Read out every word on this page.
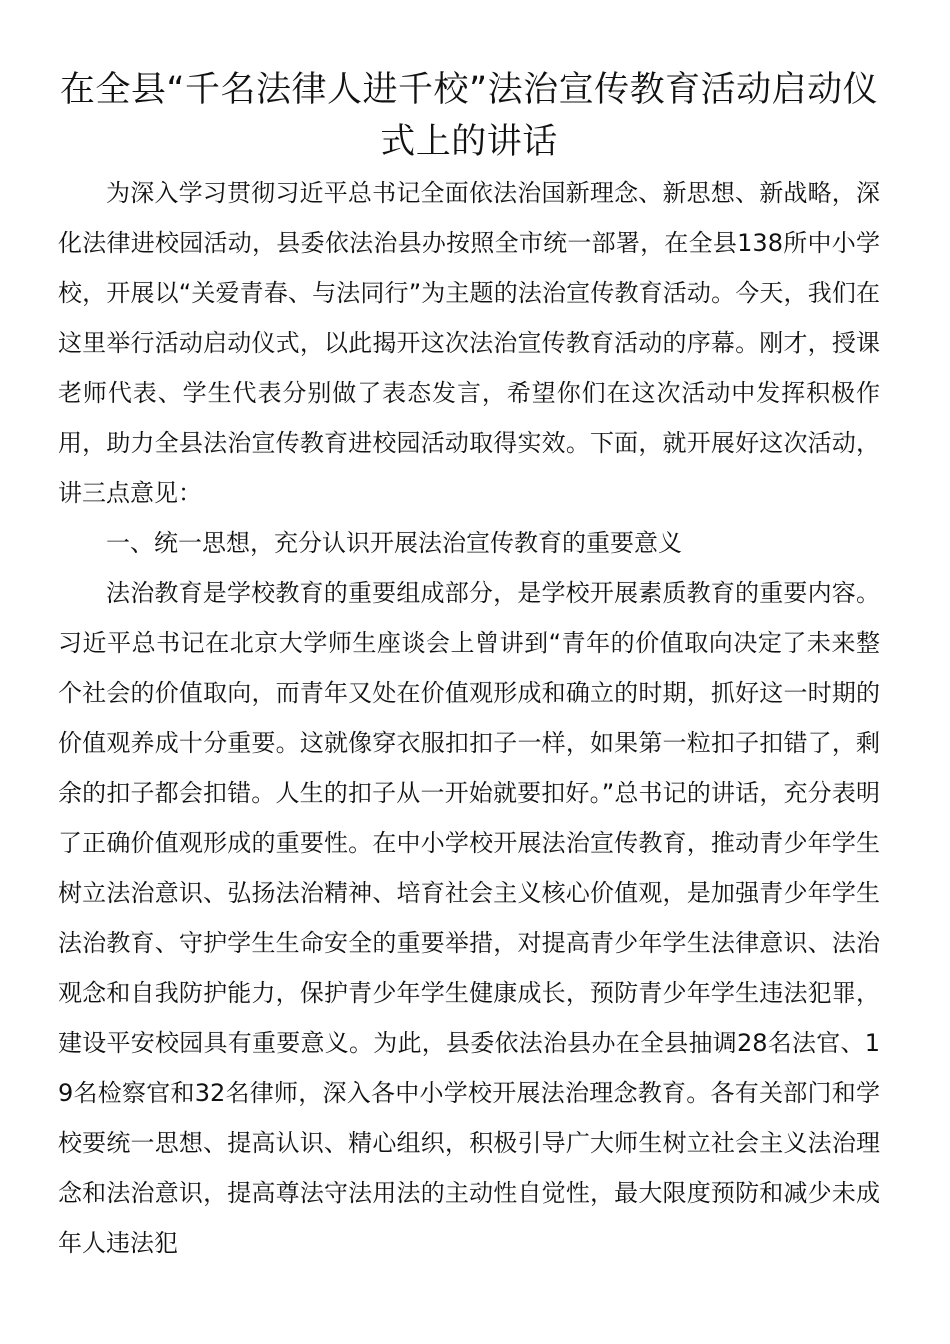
在全县“千名法律人进千校”法治宣传教育活动启动仪式上的讲话

为深入学习贯彻习近平总书记全面依法治国新理念、新思想、新战略，深化法律进校园活动，县委依法治县办按照全市统一部署，在全县138所中小学校，开展以“关爱青春、与法同行”为主题的法治宣传教育活动。今天，我们在这里举行活动启动仪式，以此揭开这次法治宣传教育活动的序幕。刚才，授课老师代表、学生代表分别做了表态发言，希望你们在这次活动中发挥积极作用，助力全县法治宣传教育进校园活动取得实效。下面，就开展好这次活动，讲三点意见：

一、统一思想，充分认识开展法治宣传教育的重要意义

法治教育是学校教育的重要组成部分，是学校开展素质教育的重要内容。习近平总书记在北京大学师生座谈会上曾讲到“青年的价值取向决定了未来整个社会的价值取向，而青年又处在价值观形成和确立的时期，抓好这一时期的价值观养成十分重要。这就像穿衣服扣扣子一样，如果第一粒扣子扣错了，剩余的扣子都会扣错。人生的扣子从一开始就要扣好。”总书记的讲话，充分表明了正确价值观形成的重要性。在中小学校开展法治宣传教育，推动青少年学生树立法治意识、弘扬法治精神、培育社会主义核心价值观，是加强青少年学生法治教育、守护学生生命安全的重要举措，对提高青少年学生法律意识、法治观念和自我防护能力，保护青少年学生健康成长，预防青少年学生违法犯罪，建设平安校园具有重要意义。为此，县委依法治县办在全县抽调28名法官、19名检察官和32名律师，深入各中小学校开展法治理念教育。各有关部门和学校要统一思想、提高认识、精心组织，积极引导广大师生树立社会主义法治理念和法治意识，提高尊法守法用法的主动性自觉性，最大限度预防和减少未成年人违法犯
